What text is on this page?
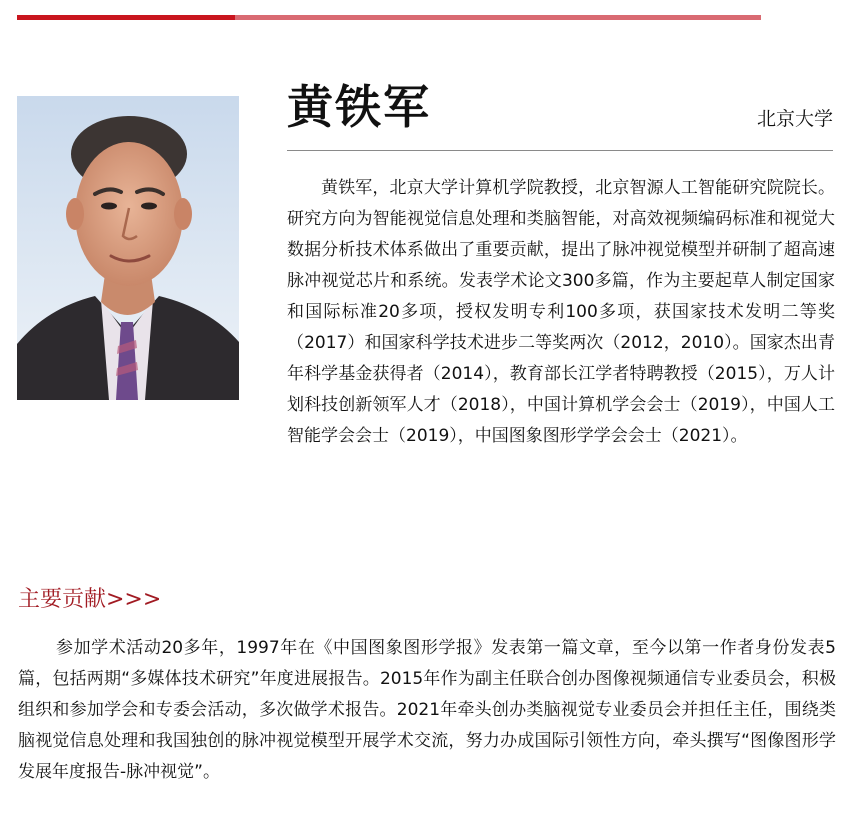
黄铁军	北京大学

黄铁军，北京大学计算机学院教授，北京智源人工智能研究院院长。研究方向为智能视觉信息处理和类脑智能，对高效视频编码标准和视觉大数据分析技术体系做出了重要贡献，提出了脉冲视觉模型并研制了超高速脉冲视觉芯片和系统。发表学术论文300多篇，作为主要起草人制定国家和国际标准20多项，授权发明专利100多项，获国家技术发明二等奖（2017）和国家科学技术进步二等奖两次（2012，2010）。国家杰出青年科学基金获得者（2014），教育部长江学者特聘教授（2015），万人计划科技创新领军人才（2018），中国计算机学会会士（2019），中国人工智能学会会士（2019），中国图象图形学学会会士（2021）。

主要贡献>>>

参加学术活动20多年，1997年在《中国图象图形学报》发表第一篇文章，至今以第一作者身份发表5篇，包括两期“多媒体技术研究”年度进展报告。2015年作为副主任联合创办图像视频通信专业委员会，积极组织和参加学会和专委会活动，多次做学术报告。2021年牵头创办类脑视觉专业委员会并担任主任，围绕类脑视觉信息处理和我国独创的脉冲视觉模型开展学术交流，努力办成国际引领性方向，牵头撰写“图像图形学发展年度报告-脉冲视觉”。
